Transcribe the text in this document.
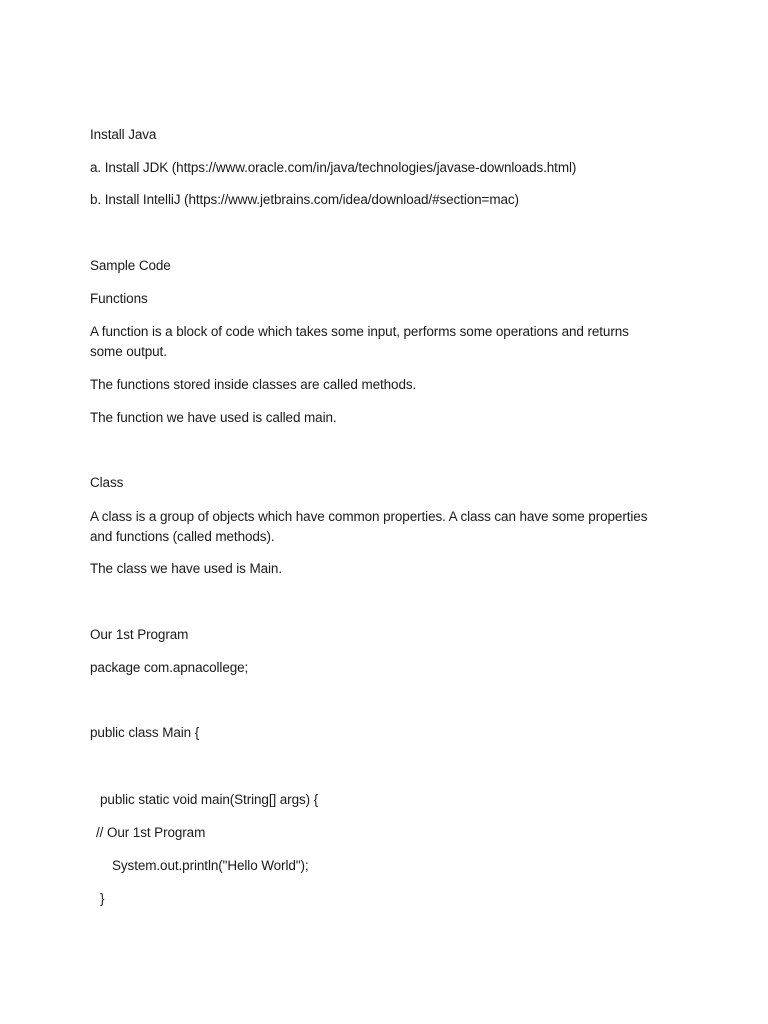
Install Java
a. Install JDK (https://www.oracle.com/in/java/technologies/javase-downloads.html)
b. Install IntelliJ (https://www.jetbrains.com/idea/download/#section=mac)
Sample Code
Functions
A function is a block of code which takes some input, performs some operations and returns some output.
The functions stored inside classes are called methods.
The function we have used is called main.
Class
A class is a group of objects which have common properties. A class can have some properties and functions (called methods).
The class we have used is Main.
Our 1st Program
package com.apnacollege;
public class Main {
public static void main(String[] args) {
// Our 1st Program
System.out.println("Hello World");
}
